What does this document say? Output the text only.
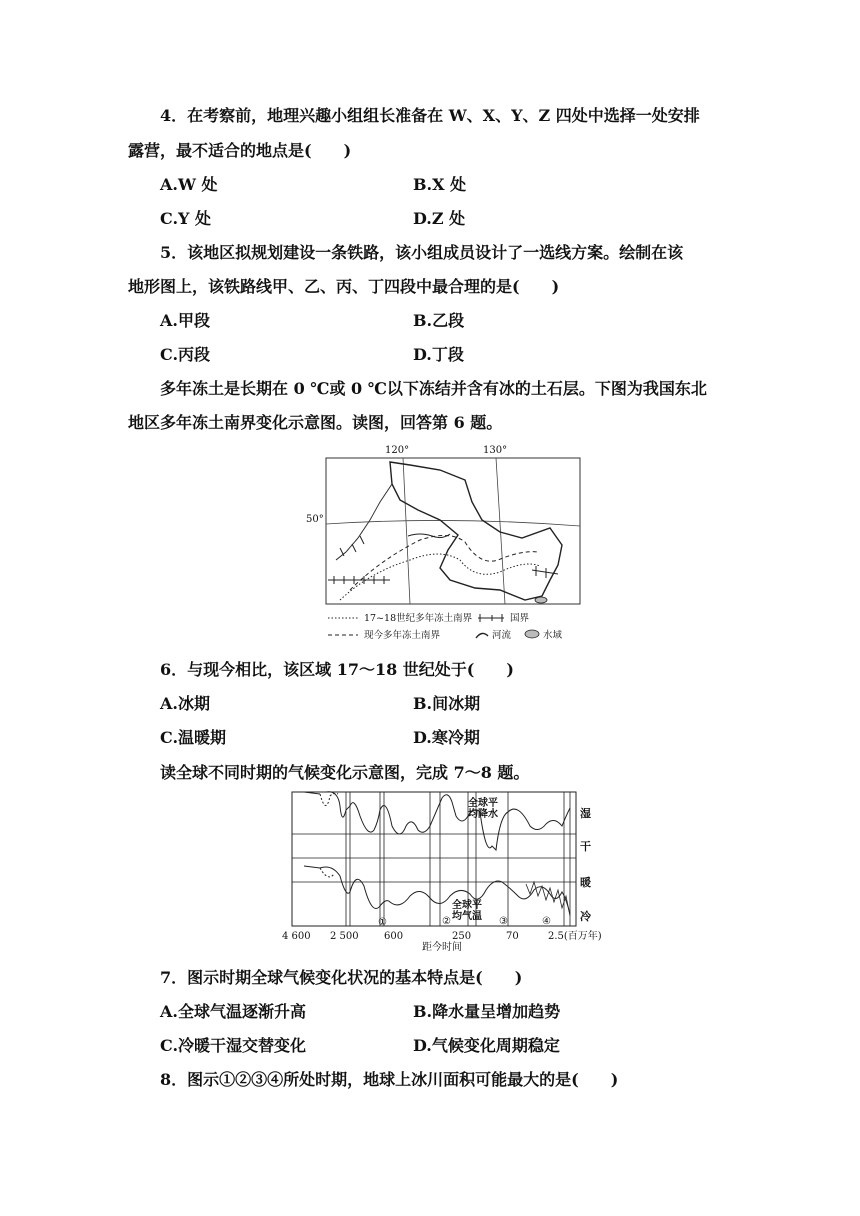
4．在考察前，地理兴趣小组组长准备在 W、X、Y、Z 四处中选择一处安排
露营，最不适合的地点是(　　)
A.W 处	B.X 处
C.Y 处	D.Z 处
5．该地区拟规划建设一条铁路，该小组成员设计了一选线方案。绘制在该
地形图上，该铁路线甲、乙、丙、丁四段中最合理的是(　　)
A.甲段	B.乙段
C.丙段	D.丁段
多年冻土是长期在 0 ℃或 0 ℃以下冻结并含有冰的土石层。下图为我国东北
地区多年冻土南界变化示意图。读图，回答第 6 题。
120°	130°
50°
17~18世纪多年冻土南界	国界
现今多年冻土南界	河流	水域
6．与现今相比，该区域 17～18 世纪处于(　　)
A.冰期	B.间冰期
C.温暖期	D.寒冷期
读全球不同时期的气候变化示意图，完成 7～8 题。
全球平
均降水
全球平
均气温
①	②	③	④
湿
干
暖
冷
4 600 2 500	600	250	70	2.5(百万年)
距今时间
7．图示时期全球气候变化状况的基本特点是(　　)
A.全球气温逐渐升高	B.降水量呈增加趋势
C.冷暖干湿交替变化	D.气候变化周期稳定
8．图示①②③④所处时期，地球上冰川面积可能最大的是(　　)
